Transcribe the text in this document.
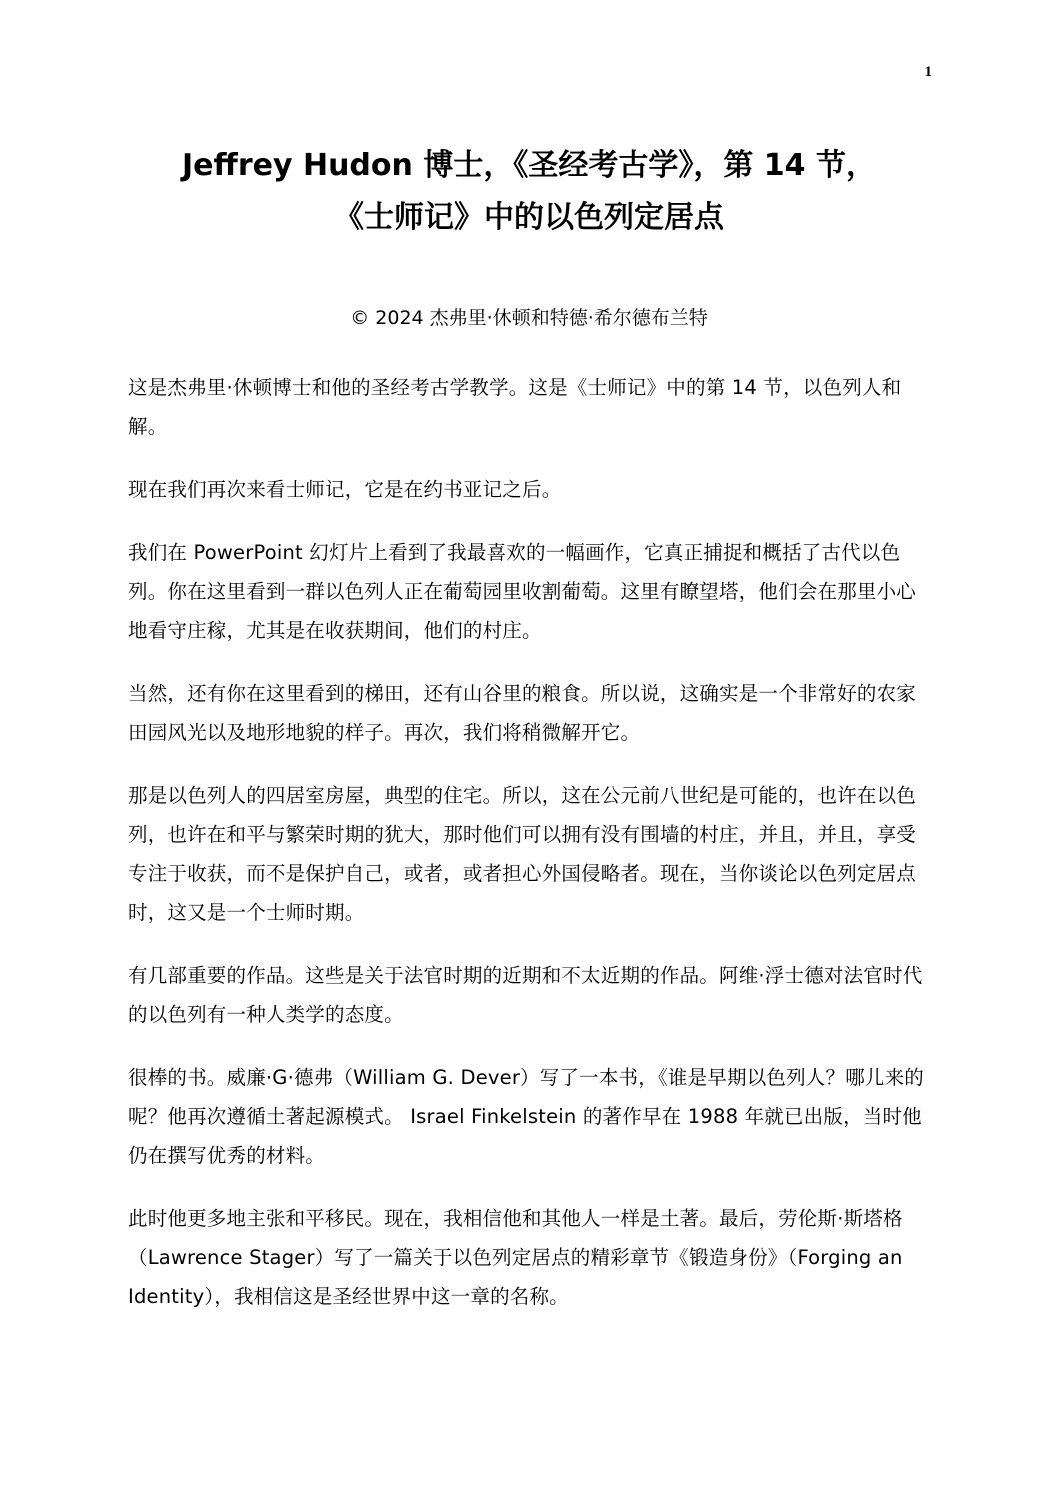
1
Jeffrey Hudon 博士，《圣经考古学》，第 14 节，
《士师记》中的以色列定居点

© 2024 杰弗里·休顿和特德·希尔德布兰特

这是杰弗里·休顿博士和他的圣经考古学教学。这是《士师记》中的第 14 节，以色列人和解。

现在我们再次来看士师记，它是在约书亚记之后。

我们在 PowerPoint 幻灯片上看到了我最喜欢的一幅画作，它真正捕捉和概括了古代以色列。你在这里看到一群以色列人正在葡萄园里收割葡萄。这里有瞭望塔，他们会在那里小心地看守庄稼，尤其是在收获期间，他们的村庄。

当然，还有你在这里看到的梯田，还有山谷里的粮食。所以说，这确实是一个非常好的农家田园风光以及地形地貌的样子。再次，我们将稍微解开它。

那是以色列人的四居室房屋，典型的住宅。所以，这在公元前八世纪是可能的，也许在以色列，也许在和平与繁荣时期的犹大，那时他们可以拥有没有围墙的村庄，并且，并且，享受专注于收获，而不是保护自己，或者，或者担心外国侵略者。现在，当你谈论以色列定居点时，这又是一个士师时期。

有几部重要的作品。这些是关于法官时期的近期和不太近期的作品。阿维·浮士德对法官时代的以色列有一种人类学的态度。

很棒的书。威廉·G·德弗（William G. Dever）写了一本书，《谁是早期以色列人？哪儿来的呢？他再次遵循土著起源模式。 Israel Finkelstein 的著作早在 1988 年就已出版，当时他仍在撰写优秀的材料。

此时他更多地主张和平移民。现在，我相信他和其他人一样是土著。最后，劳伦斯·斯塔格（Lawrence Stager）写了一篇关于以色列定居点的精彩章节《锻造身份》（Forging an Identity），我相信这是圣经世界中这一章的名称。
